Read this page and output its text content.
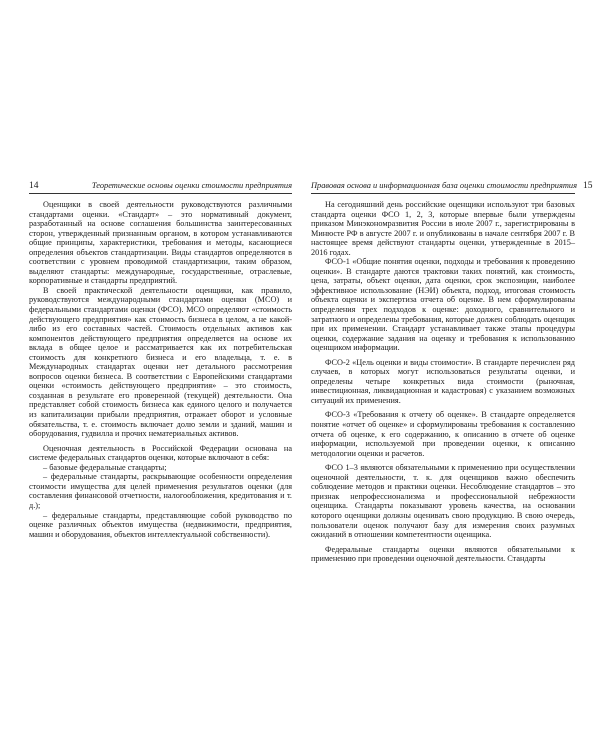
14	Теоретические основы оценки стоимости предприятия

Оценщики в своей деятельности руководствуются различными стандартами оценки. «Стандарт» – это нормативный документ, разработанный на основе соглашения большинства заинтересованных сторон, утвержденный признанным органом, в котором устанавливаются общие принципы, характеристики, требования и методы, касающиеся определения объектов стандартизации. Виды стандартов определяются в соответствии с уровнем проводимой стандартизации, таким образом, выделяют стандарты: международные, государственные, отраслевые, корпоративные и стандарты предприятий.

В своей практической деятельности оценщики, как правило, руководствуются международными стандартами оценки (МСО) и федеральными стандартами оценки (ФСО). МСО определяют «стоимость действующего предприятия» как стоимость бизнеса в целом, а не какой-либо из его составных частей. Стоимость отдельных активов как компонентов действующего предприятия определяется на основе их вклада в общее целое и рассматривается как их потребительская стоимость для конкретного бизнеса и его владельца, т. е. в Международных стандартах оценки нет детального рассмотрения вопросов оценки бизнеса. В соответствии с Европейскими стандартами оценки «стоимость действующего предприятия» – это стоимость, созданная в результате его проверенной (текущей) деятельности. Она представляет собой стоимость бизнеса как единого целого и получается из капитализации прибыли предприятия, отражает оборот и условные обязательства, т. е. стоимость включает долю земли и зданий, машин и оборудования, гудвилла и прочих нематериальных активов.

Оценочная деятельность в Российской Федерации основана на системе федеральных стандартов оценки, которые включают в себя:

– базовые федеральные стандарты;

– федеральные стандарты, раскрывающие особенности определения стоимости имущества для целей применения результатов оценки (для составления финансовой отчетности, налогообложения, кредитования и т. д.);

– федеральные стандарты, представляющие собой руководство по оценке различных объектов имущества (недвижимости, предприятия, машин и оборудования, объектов интеллектуальной собственности).

Правовая основа и информационная база оценки стоимости предприятия 15

На сегодняшний день российские оценщики используют три базовых стандарта оценки ФСО 1, 2, 3, которые впервые были утверждены приказом Минэкономразвития России в июле 2007 г., зарегистрированы в Минюсте РФ в августе 2007 г. и опубликованы в начале сентября 2007 г. В настоящее время действуют стандарты оценки, утвержденные в 2015–2016 годах.

ФСО-1 «Общие понятия оценки, подходы и требования к проведению оценки». В стандарте даются трактовки таких понятий, как стоимость, цена, затраты, объект оценки, дата оценки, срок экспозиции, наиболее эффективное использование (НЭИ) объекта, подход, итоговая стоимость объекта оценки и экспертиза отчета об оценке. В нем сформулированы определения трех подходов к оценке: доходного, сравнительного и затратного и определены требования, которые должен соблюдать оценщик при их применении. Стандарт устанавливает также этапы процедуры оценки, содержание задания на оценку и требования к использованию оценщиком информации.

ФСО-2 «Цель оценки и виды стоимости». В стандарте перечислен ряд случаев, в которых могут использоваться результаты оценки, и определены четыре конкретных вида стоимости (рыночная, инвестиционная, ликвидационная и кадастровая) с указанием возможных ситуаций их применения.

ФСО-3 «Требования к отчету об оценке». В стандарте определяется понятие «отчет об оценке» и сформулированы требования к составлению отчета об оценке, к его содержанию, к описанию в отчете об оценке информации, используемой при проведении оценки, к описанию методологии оценки и расчетов.

ФСО 1–3 являются обязательными к применению при осуществлении оценочной деятельности, т. к. для оценщиков важно обеспечить соблюдение методов и практики оценки. Несоблюдение стандартов – это признак непрофессионализма и профессиональной небрежности оценщика. Стандарты показывают уровень качества, на основании которого оценщики должны оценивать свою продукцию. В свою очередь, пользователи оценок получают базу для измерения своих разумных ожиданий в отношении компетентности оценщика.

Федеральные стандарты оценки являются обязательными к применению при проведении оценочной деятельности. Стандарты
